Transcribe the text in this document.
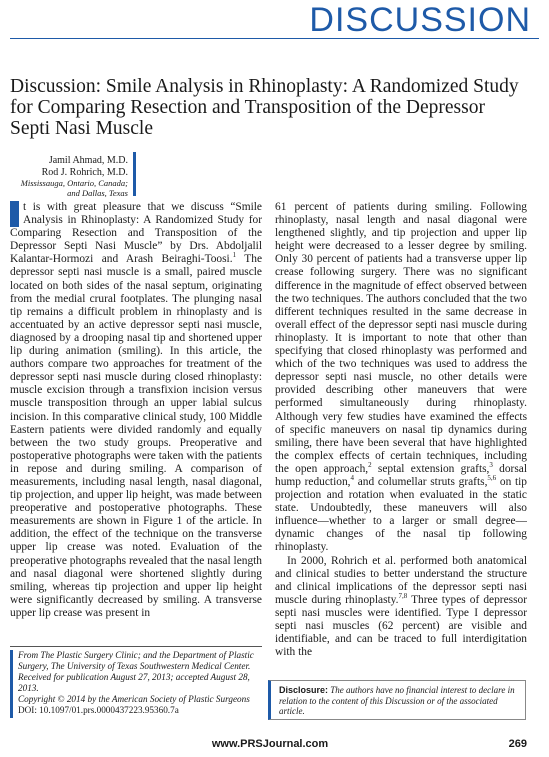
DISCUSSION
Discussion: Smile Analysis in Rhinoplasty: A Randomized Study for Comparing Resection and Transposition of the Depressor Septi Nasi Muscle
Jamil Ahmad, M.D.
Rod J. Rohrich, M.D.
Mississauga, Ontario, Canada;
and Dallas, Texas

t is with great pleasure that we discuss “Smile Analysis in Rhinoplasty: A Randomized Study for Comparing Resection and Transposition of the Depressor Septi Nasi Muscle” by Drs. Abdoljalil Kalantar-Hormozi and Arash Beiraghi-Toosi.$^1$ The depressor septi nasi muscle is a small, paired muscle located on both sides of the nasal septum, originating from the medial crural footplates. The plunging nasal tip remains a difficult problem in rhinoplasty and is accentuated by an active depressor septi nasi muscle, diagnosed by a drooping nasal tip and shortened upper lip during animation (smiling). In this article, the authors compare two approaches for treatment of the depressor septi nasi muscle during closed rhinoplasty: muscle excision through a transfixion incision versus muscle transposition through an upper labial sulcus incision. In this comparative clinical study, 100 Middle Eastern patients were divided randomly and equally between the two study groups. Preoperative and postoperative photographs were taken with the patients in repose and during smiling. A comparison of measurements, including nasal length, nasal diagonal, tip projection, and upper lip height, was made between preoperative and postoperative photographs. These measurements are shown in Figure 1 of the article. In addition, the effect of the technique on the transverse upper lip crease was noted. Evaluation of the preoperative photographs revealed that the nasal length and nasal diagonal were shortened slightly during smiling, whereas tip projection and upper lip height were significantly decreased by smiling. A transverse upper lip crease was present in

61 percent of patients during smiling. Following rhinoplasty, nasal length and nasal diagonal were lengthened slightly, and tip projection and upper lip height were decreased to a lesser degree by smiling. Only 30 percent of patients had a transverse upper lip crease following surgery. There was no significant difference in the magnitude of effect observed between the two techniques. The authors concluded that the two different techniques resulted in the same decrease in overall effect of the depressor septi nasi muscle during rhinoplasty. It is important to note that other than specifying that closed rhinoplasty was performed and which of the two techniques was used to address the depressor septi nasi muscle, no other details were provided describing other maneuvers that were performed simultaneously during rhinoplasty. Although very few studies have examined the effects of specific maneuvers on nasal tip dynamics during smiling, there have been several that have highlighted the complex effects of certain techniques, including the open approach,$^2$ septal extension grafts,$^3$ dorsal hump reduction,$^4$ and columellar struts grafts,$^{5,6}$ on tip projection and rotation when evaluated in the static state. Undoubtedly, these maneuvers will also influence—whether to a larger or small degree—dynamic changes of the nasal tip following rhinoplasty.

In 2000, Rohrich et al. performed both anatomical and clinical studies to better understand the structure and clinical implications of the depressor septi nasi muscle during rhinoplasty.$^{7,8}$ Three types of depressor septi nasi muscles were identified. Type I depressor septi nasi muscles (62 percent) are visible and identifiable, and can be traced to full interdigitation with the

From The Plastic Surgery Clinic; and the Department of Plastic Surgery, The University of Texas Southwestern Medical Center.
Received for publication August 27, 2013; accepted August 28, 2013.
Copyright © 2014 by the American Society of Plastic Surgeons
DOI: 10.1097/01.prs.0000437223.95360.7a
Disclosure: The authors have no financial interest to declare in relation to the content of this Discussion or of the associated article.
www.PRSJournal.com	269
